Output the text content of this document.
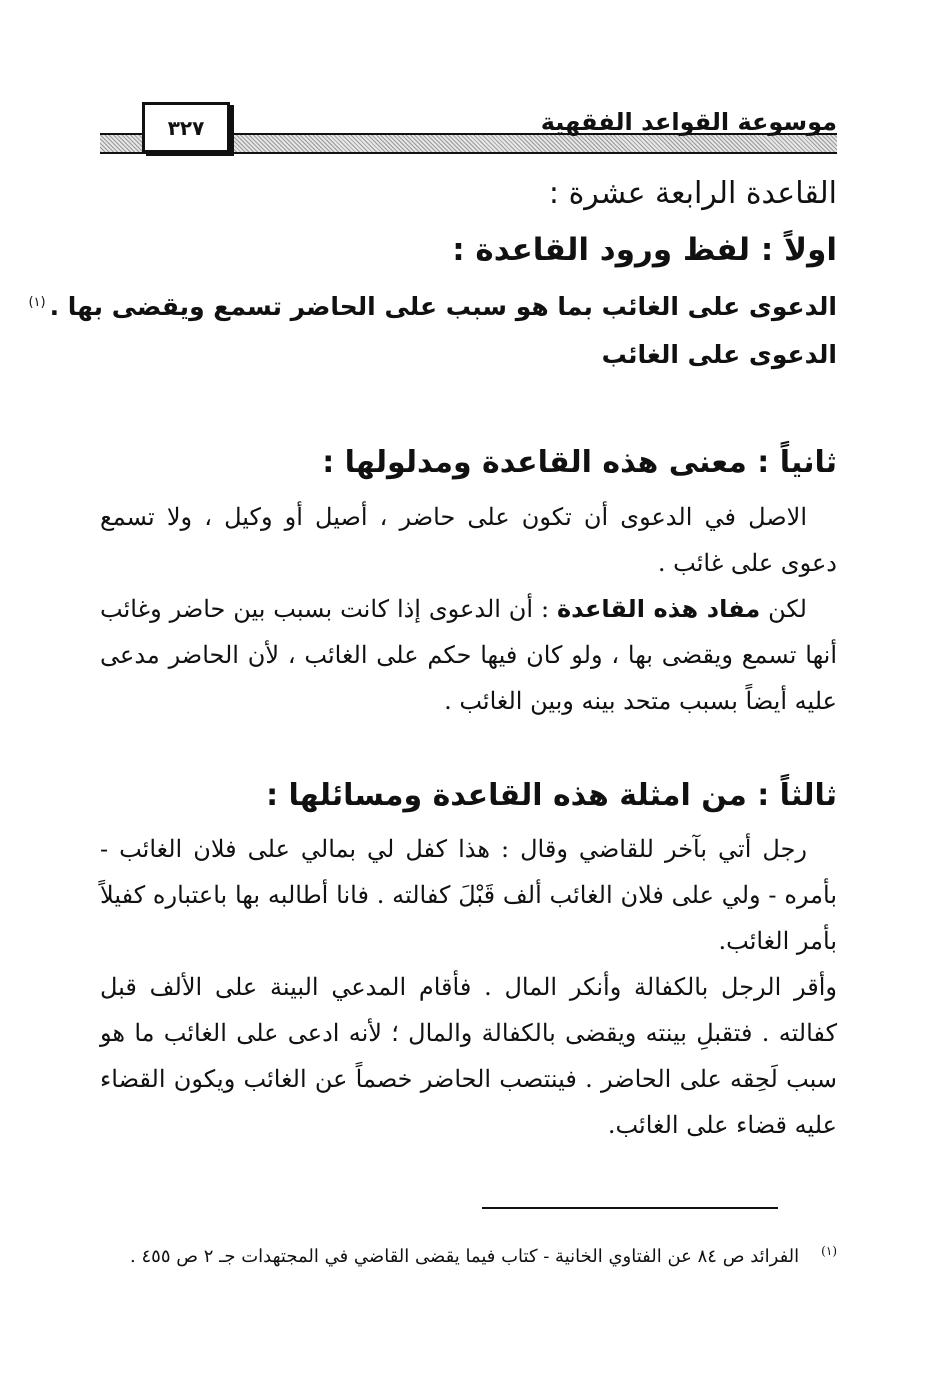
موسوعة القواعد الفقهية
٣٢٧
القاعدة الرابعة عشرة :
اولاً : لفظ ورود القاعدة :
الدعوى على الغائب بما هو سبب على الحاضر تسمع ويقضى بها .$^{(١)}$
الدعوى على الغائب
ثانياً : معنى هذه القاعدة ومدلولها :
الاصل في الدعوى أن تكون على حاضر ، أصيل أو وكيل ، ولا تسمع دعوى على غائب .
لكن مفاد هذه القاعدة : أن الدعوى إذا كانت بسبب بين حاضر وغائب أنها تسمع ويقضى بها ، ولو كان فيها حكم على الغائب ، لأن الحاضر مدعى عليه أيضاً بسبب متحد بينه وبين الغائب .
ثالثاً : من امثلة هذه القاعدة ومسائلها :
رجل أتي بآخر للقاضي وقال : هذا كفل لي بمالي على فلان الغائب - بأمره - ولي على فلان الغائب ألف قَبْلَ كفالته . فانا أطالبه بها باعتباره كفيلاً بأمر الغائب.
وأقر الرجل بالكفالة وأنكر المال . فأقام المدعي البينة على الألف قبل كفالته . فتقبلِ بينته ويقضى بالكفالة والمال ؛ لأنه ادعى على الغائب ما هو سبب لَحِقه على الحاضر . فينتصب الحاضر خصماً عن الغائب ويكون القضاء عليه قضاء على الغائب.
$^{(١)}$الفرائد ص ٨٤ عن الفتاوي الخانية - كتاب فيما يقضى القاضي في المجتهدات جـ ٢ ص ٤٥٥ .
